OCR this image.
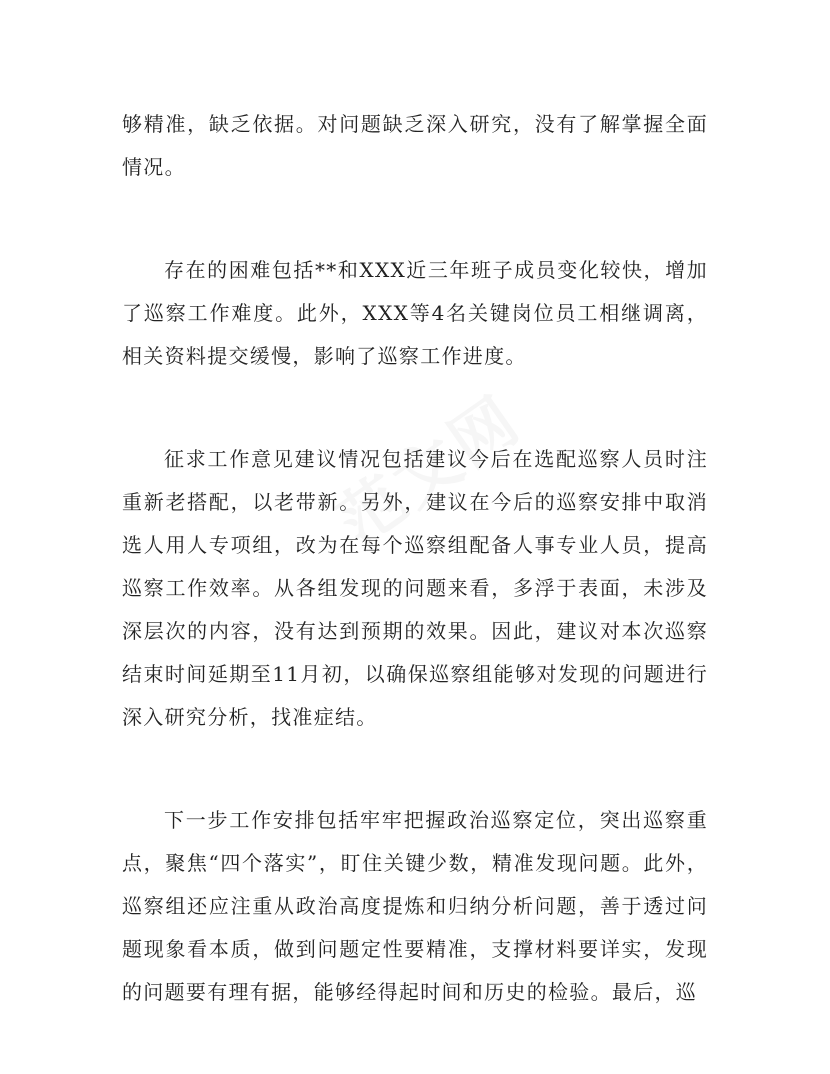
够精准，缺乏依据。对问题缺乏深入研究，没有了解掌握全面情况。

存在的困难包括**和XXX近三年班子成员变化较快，增加了巡察工作难度。此外，XXX等4名关键岗位员工相继调离，相关资料提交缓慢，影响了巡察工作进度。

征求工作意见建议情况包括建议今后在选配巡察人员时注重新老搭配，以老带新。另外，建议在今后的巡察安排中取消选人用人专项组，改为在每个巡察组配备人事专业人员，提高巡察工作效率。从各组发现的问题来看，多浮于表面，未涉及深层次的内容，没有达到预期的效果。因此，建议对本次巡察结束时间延期至11月初，以确保巡察组能够对发现的问题进行深入研究分析，找准症结。

下一步工作安排包括牢牢把握政治巡察定位，突出巡察重点，聚焦“四个落实”，盯住关键少数，精准发现问题。此外，巡察组还应注重从政治高度提炼和归纳分析问题，善于透过问题现象看本质，做到问题定性要精准，支撑材料要详实，发现的问题要有理有据，能够经得起时间和历史的检验。最后，巡
